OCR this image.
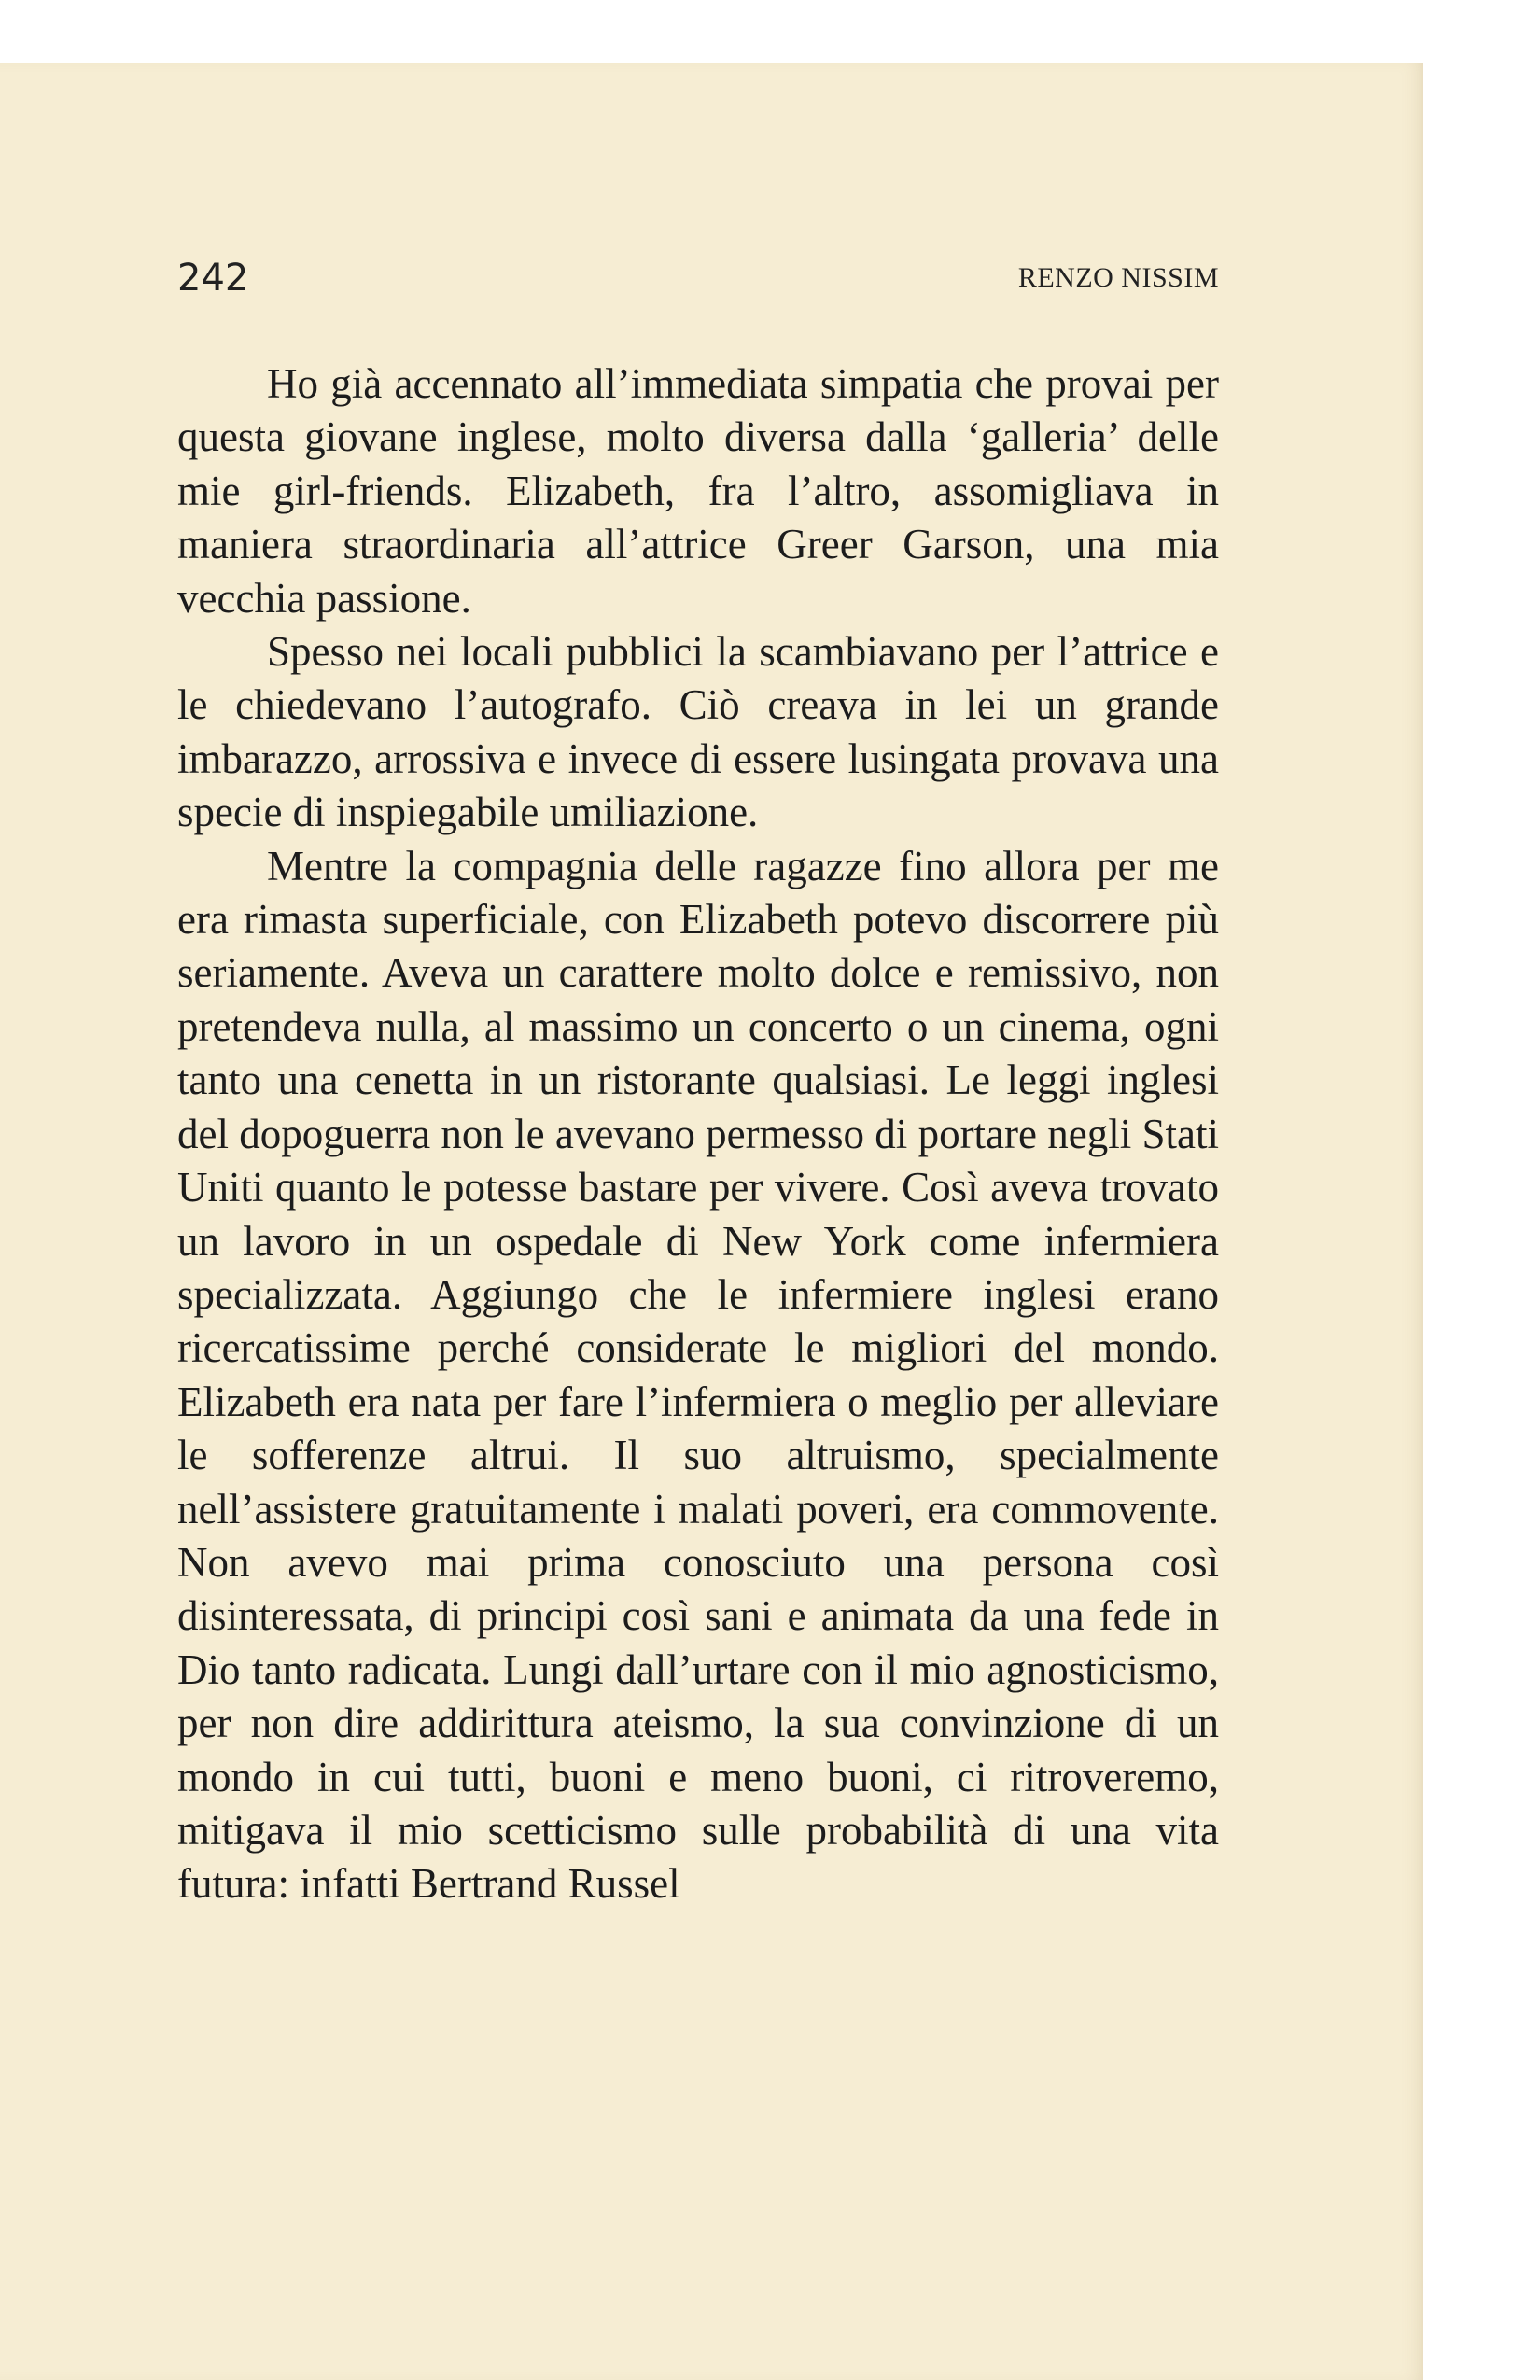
242	RENZO NISSIM

Ho già accennato all’immediata simpatia che provai per questa giovane inglese, molto diversa dalla ‘galleria’ delle mie girl-friends. Elizabeth, fra l’altro, assomigliava in maniera straordinaria all’attrice Greer Garson, una mia vecchia passione.

Spesso nei locali pubblici la scambiavano per l’attrice e le chiedevano l’autografo. Ciò creava in lei un grande imbarazzo, arrossiva e invece di essere lusingata provava una specie di inspiegabile umiliazione.

Mentre la compagnia delle ragazze fino allora per me era rimasta superficiale, con Elizabeth potevo discorrere più seriamente. Aveva un carattere molto dolce e remissivo, non pretendeva nulla, al massimo un concerto o un cinema, ogni tanto una cenetta in un ristorante qualsiasi. Le leggi inglesi del dopoguerra non le avevano permesso di portare negli Stati Uniti quanto le potesse bastare per vivere. Così aveva trovato un lavoro in un ospedale di New York come infermiera specializzata. Aggiungo che le infermiere inglesi erano ricercatissime perché considerate le migliori del mondo. Elizabeth era nata per fare l’infermiera o meglio per alleviare le sofferenze altrui. Il suo altruismo, specialmente nell’assistere gratuitamente i malati poveri, era commovente. Non avevo mai prima conosciuto una persona così disinteressata, di principi così sani e animata da una fede in Dio tanto radicata. Lungi dall’urtare con il mio agnosticismo, per non dire addirittura ateismo, la sua convinzione di un mondo in cui tutti, buoni e meno buoni, ci ritroveremo, mitigava il mio scetticismo sulle probabilità di una vita futura: infatti Bertrand Russel
